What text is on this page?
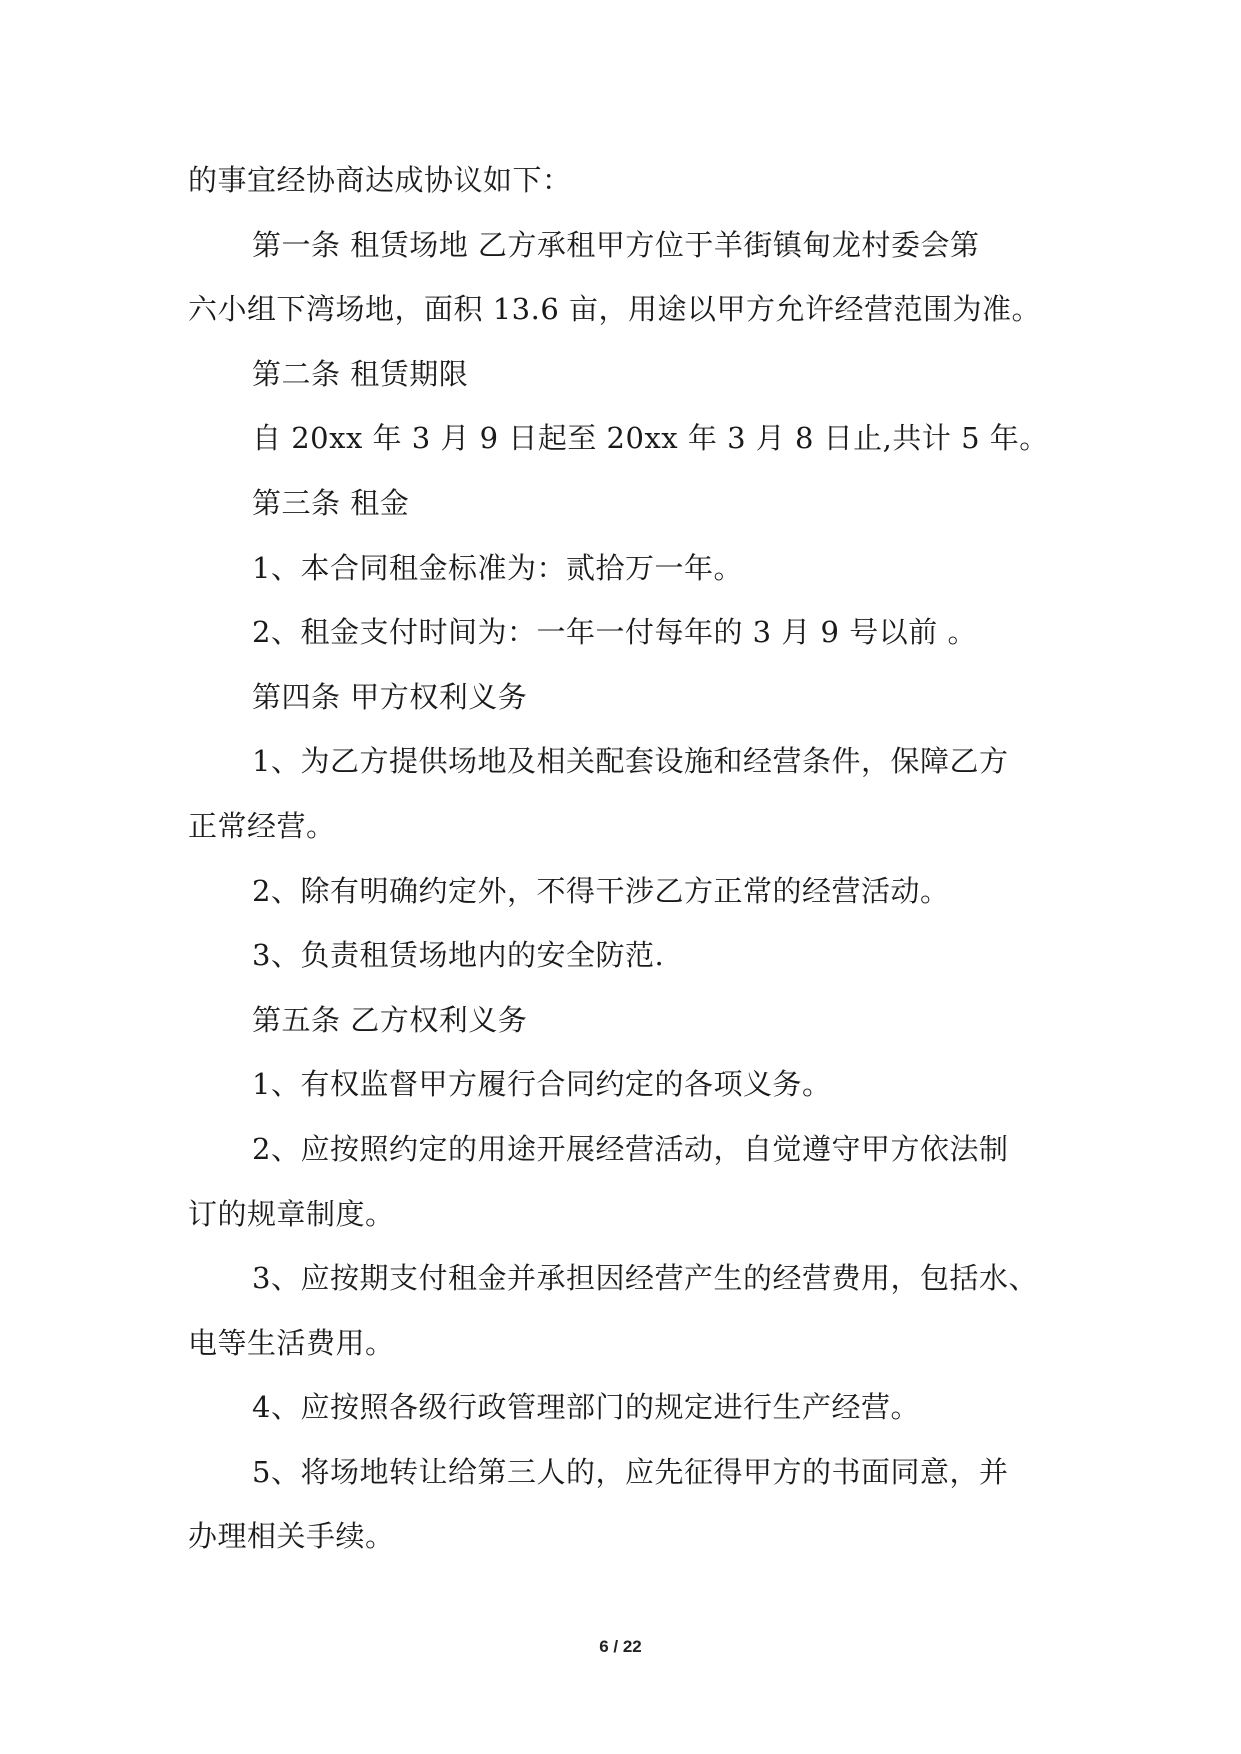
的事宜经协商达成协议如下：
第一条 租赁场地 乙方承租甲方位于羊街镇甸龙村委会第
六小组下湾场地，面积 13.6 亩，用途以甲方允许经营范围为准。
第二条 租赁期限
自 20xx 年 3 月 9 日起至 20xx 年 3 月 8 日止,共计 5 年。
第三条 租金
1、本合同租金标准为：贰拾万一年。
2、租金支付时间为：一年一付每年的 3 月 9 号以前 。
第四条 甲方权利义务
1、为乙方提供场地及相关配套设施和经营条件，保障乙方
正常经营。
2、除有明确约定外，不得干涉乙方正常的经营活动。
3、负责租赁场地内的安全防范.
第五条 乙方权利义务
1、有权监督甲方履行合同约定的各项义务。
2、应按照约定的用途开展经营活动，自觉遵守甲方依法制
订的规章制度。
3、应按期支付租金并承担因经营产生的经营费用，包括水、
电等生活费用。
4、应按照各级行政管理部门的规定进行生产经营。
5、将场地转让给第三人的，应先征得甲方的书面同意，并
办理相关手续。
6 / 22
